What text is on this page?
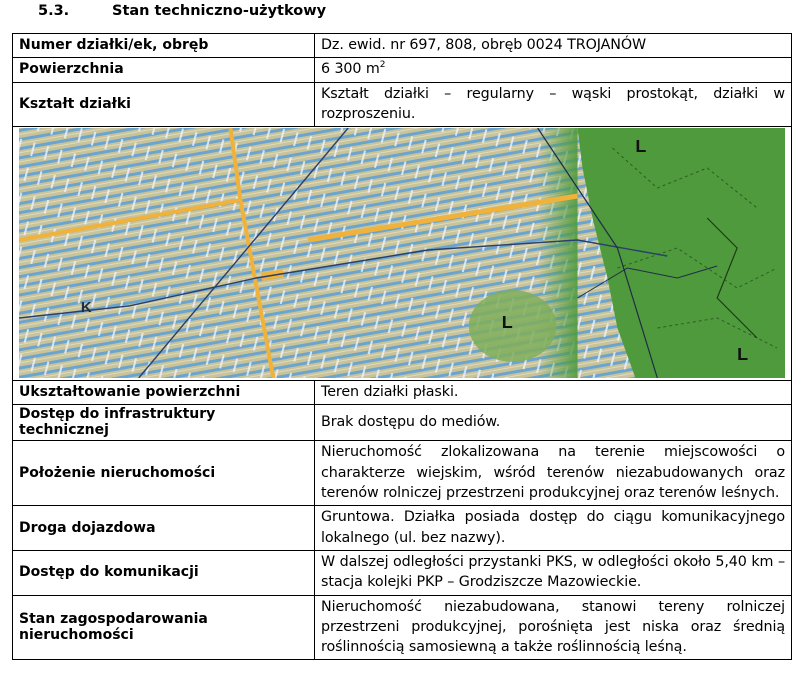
5.3.	Stan techniczno-użytkowy
Numer działki/ek, obręb	Dz. ewid. nr 697, 808, obręb 0024 TROJANÓW
Powierzchnia	6 300 $m^2$
Kształt działki	Kształt działki – regularny – wąski prostokąt, działki w rozproszeniu.

L
L
L
K	

Ukształtowanie powierzchni	Teren działki płaski.
Dostęp do infrastruktury technicznej	Brak dostępu do mediów.
Położenie nieruchomości	Nieruchomość zlokalizowana na terenie miejscowości o charakterze wiejskim, wśród terenów niezabudowanych oraz terenów rolniczej przestrzeni produkcyjnej oraz terenów leśnych.
Droga dojazdowa	Gruntowa. Działka posiada dostęp do ciągu komunikacyjnego lokalnego (ul. bez nazwy).
Dostęp do komunikacji	W dalszej odległości przystanki PKS, w odległości około 5,40 km – stacja kolejki PKP – Grodziszcze Mazowieckie.
Stan zagospodarowania nieruchomości	Nieruchomość niezabudowana, stanowi tereny rolniczej przestrzeni produkcyjnej, porośnięta jest niska oraz średnią roślinnością samosiewną a także roślinnością leśną.
